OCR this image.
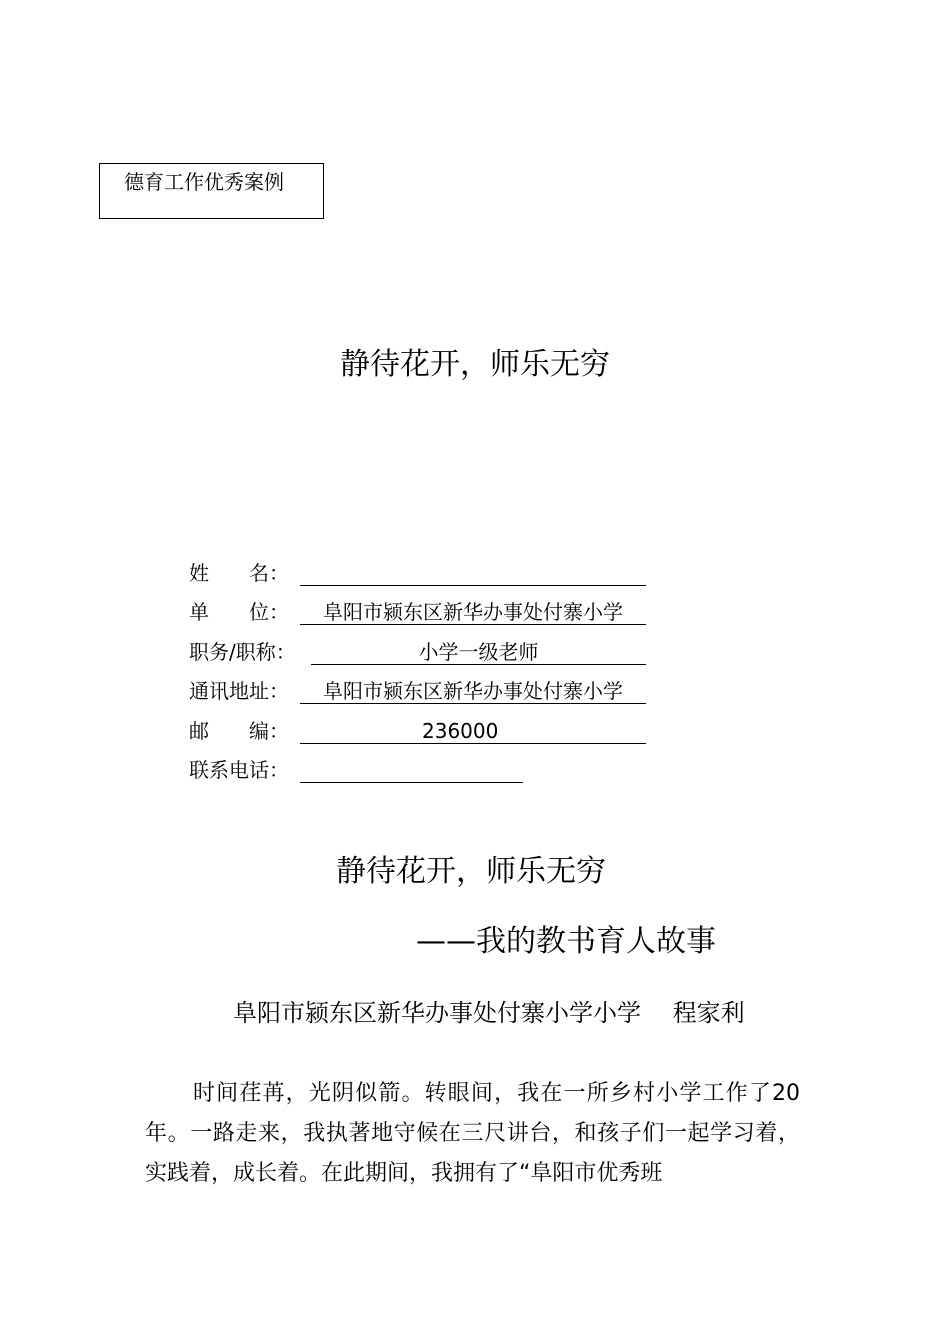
德育工作优秀案例
静待花开，师乐无穷
姓　　名：
单　　位：	阜阳市颍东区新华办事处付寨小学
职务/职称：	小学一级老师
通讯地址：	阜阳市颍东区新华办事处付寨小学
邮　　编：	236000
联系电话：
静待花开，师乐无穷
——我的教书育人故事
阜阳市颍东区新华办事处付寨小学小学　 程家利
时间荏苒，光阴似箭。转眼间，我在一所乡村小学工作了20年。一路走来，我执著地守候在三尺讲台，和孩子们一起学习着，实践着，成长着。在此期间，我拥有了“阜阳市优秀班
